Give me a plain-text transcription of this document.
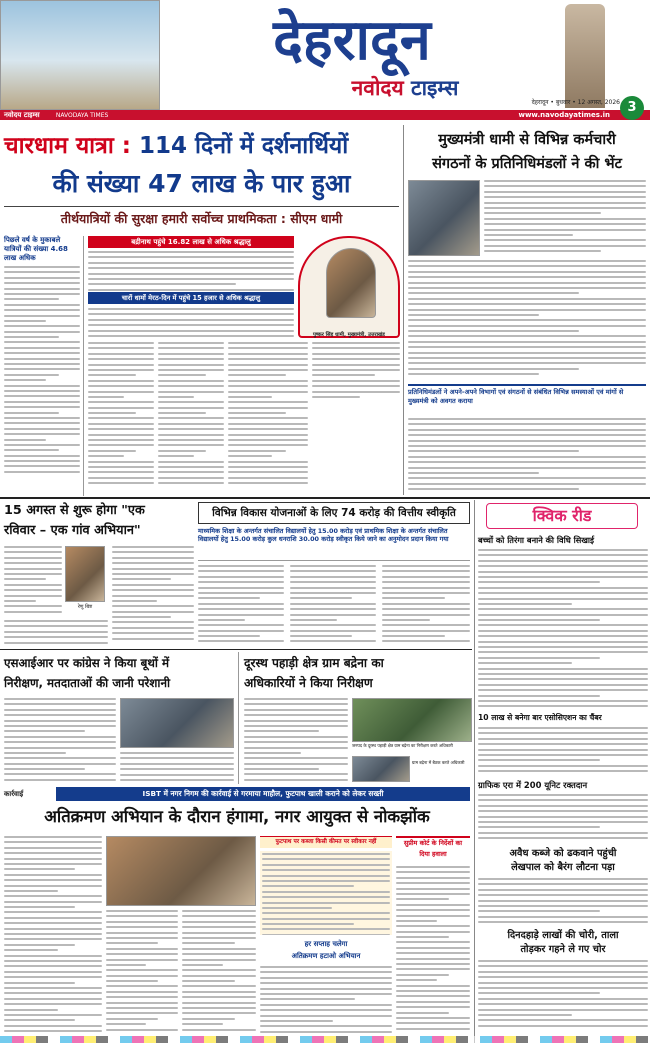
देहरादून
नवोदय टाइम्स
नवोदय टाइम्स	NAVODAYA TIMES	www.navodayatimes.in
देहरादून • बुधवार • 12 अगस्त, 2026 3
चारधाम यात्रा : 114 दिनों में दर्शनार्थियों
की संख्या 47 लाख के पार हुआ
तीर्थयात्रियों की सुरक्षा हमारी सर्वोच्च प्राथमिकता : सीएम धामी
पिछले वर्ष के मुकाबले यात्रियों की संख्या 4.68 लाख अधिक
बद्रीनाथ पहुंचे 16.82 लाख से अधिक श्रद्धालु
चारों धामों मेरठ-दिन में पहुंचे 15 हजार से अधिक श्रद्धालु
पुष्कर सिंह धामी, मुख्यमंत्री, उत्तराखंड
मुख्यमंत्री धामी से विभिन्न कर्मचारी
संगठनों के प्रतिनिधिमंडलों ने की भेंट
प्रतिनिधिमंडलों ने अपने-अपने विभागों एवं संगठनों से संबंधित विभिन्न समस्याओं एवं मांगों से मुख्यमंत्री को अवगत कराया
15 अगस्त से शुरू होगा "एक
रविवार – एक गांव अभियान"
रेणु बिष्ट
विभिन्न विकास योजनाओं के लिए 74 करोड़ की वित्तीय स्वीकृति
माध्यमिक शिक्षा के अन्तर्गत संचालित विद्यालयों हेतु 15.00 करोड़ एवं प्राथमिक शिक्षा के अन्तर्गत संचालित विद्यालयों हेतु 15.00 करोड़ कुल धनराशि 30.00 करोड़ स्वीकृत किये जाने का अनुमोदन प्रदान किया गया
क्विक रीड
बच्चों को तिरंगा बनाने की विधि सिखाई
10 लाख से बनेगा बार एसोसिएशन का चैंबर
ग्राफिक एरा में 200 यूनिट रक्तदान
अवैध कब्जे को ढकवाने पहुंची
लेखपाल को बैरंग लौटना पड़ा
दिनदहाड़े लाखों की चोरी, ताला
तोड़कर गहने ले गए चोर
एसआईआर पर कांग्रेस ने किया बूथों में
निरीक्षण, मतदाताओं की जानी परेशानी
दूरस्थ पहाड़ी क्षेत्र ग्राम बद्रेना का
अधिकारियों ने किया निरीक्षण
जनपद के दूरस्थ पहाड़ी क्षेत्र ग्राम बद्रेना का निरीक्षण करते अधिकारी
ग्राम बद्रेना में बैठक करते अधिकारी
कार्रवाई	ISBT में नगर निगम की कार्रवाई से गरमाया माहौल, फुटपाथ खाली कराने को लेकर सख्ती
अतिक्रमण अभियान के दौरान हंगामा, नगर आयुक्त से नोकझोंक
फुटपाथ पर कब्जा किसी कीमत पर स्वीकार नहीं	सुप्रीम कोर्ट के निर्देशों का
दिया हवाला
हर सप्ताह चलेगा
अतिक्रमण हटाओ अभियान
